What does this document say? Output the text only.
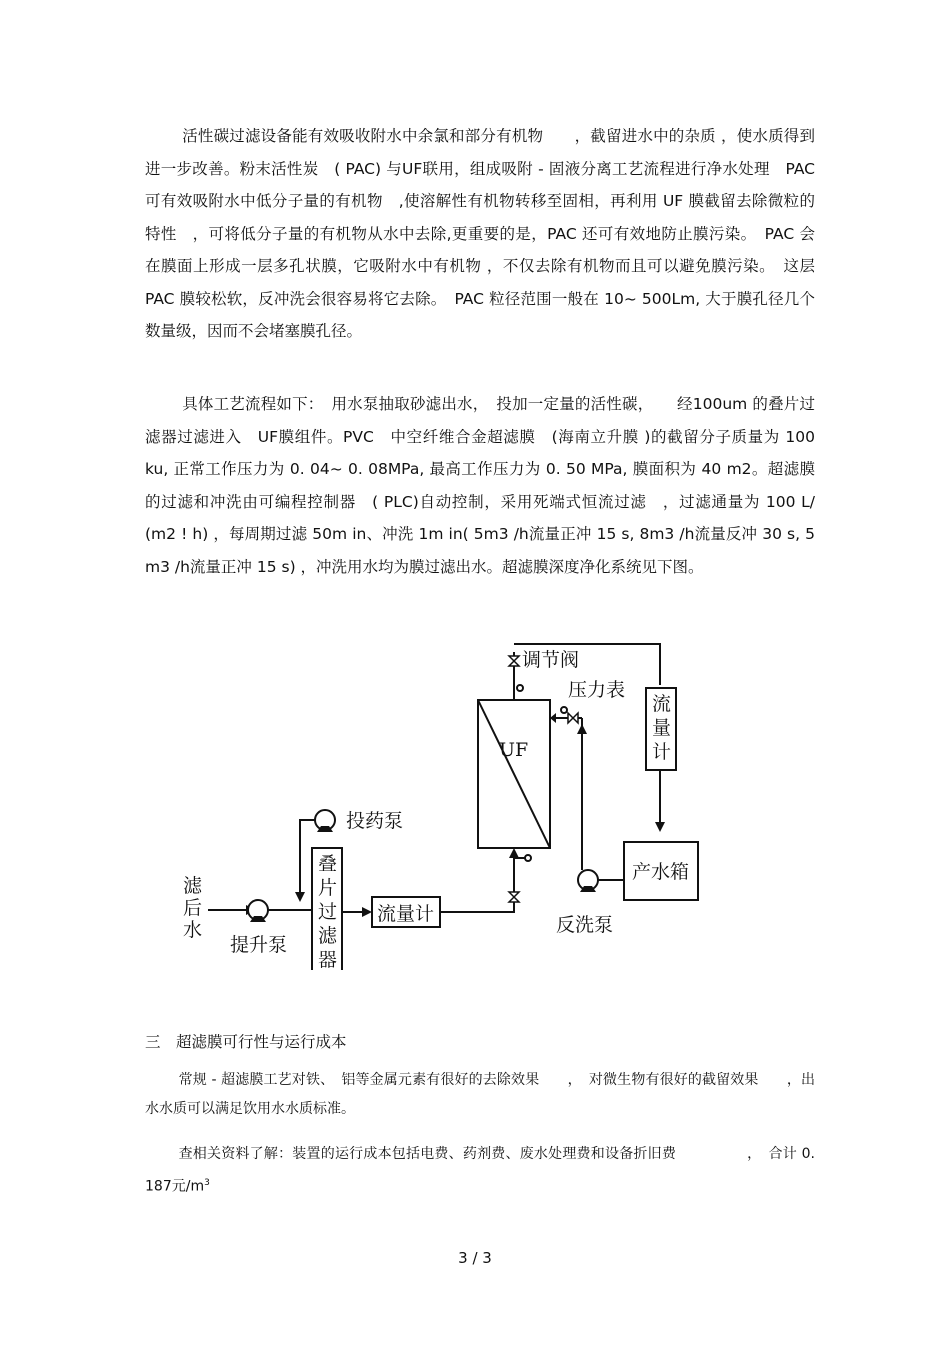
活性碳过滤设备能有效吸收附水中余氯和部分有机物　　，截留进水中的杂质 ，使水质得到进一步改善。粉末活性炭　( PAC) 与UF联用，组成吸附 - 固液分离工艺流程进行净水处理　PAC 可有效吸附水中低分子量的有机物　,使溶解性有机物转移至固相，再利用 UF 膜截留去除微粒的特性　，可将低分子量的有机物从水中去除,更重要的是，PAC 还可有效地防止膜污染。　PAC 会在膜面上形成一层多孔状膜，它吸附水中有机物 ，不仅去除有机物而且可以避免膜污染。　这层PAC 膜较松软，反冲洗会很容易将它去除。　PAC 粒径范围一般在 10~ 500Lm, 大于膜孔径几个数量级，因而不会堵塞膜孔径。

具体工艺流程如下：　用水泵抽取砂滤出水，　投加一定量的活性碳，　　经100um 的叠片过滤器过滤进入　UF膜组件。PVC　中空纤维合金超滤膜　(海南立升膜 )的截留分子质量为 100 ku, 正常工作压力为 0. 04~ 0. 08MPa, 最高工作压力为 0. 50 MPa, 膜面积为 40 m2。超滤膜的过滤和冲洗由可编程控制器　( PLC)自动控制，采用死端式恒流过滤　，过滤通量为 100 L/ (m2 ! h) ，每周期过滤 50m in、冲洗 1m in( 5m3 /h流量正冲 15 s, 8m3 /h流量反冲 30 s, 5 m3 /h流量正冲 15 s) ，冲洗用水均为膜过滤出水。超滤膜深度净化系统见下图。

滤
后
水
提升泵
投药泵
叠
片
过
滤
器
流量计
UF
调节阀
流
量
计
产水箱
压力表
反洗泵

三　超滤膜可行性与运行成本

常规 - 超滤膜工艺对铁、　铝等金属元素有很好的去除效果　　，　对微生物有很好的截留效果　　，出水水质可以满足饮用水水质标准。

查相关资料了解：装置的运行成本包括电费、药剂费、废水处理费和设备折旧费　　　　　，　合计 0. 187元$/m^3$

3 / 3
